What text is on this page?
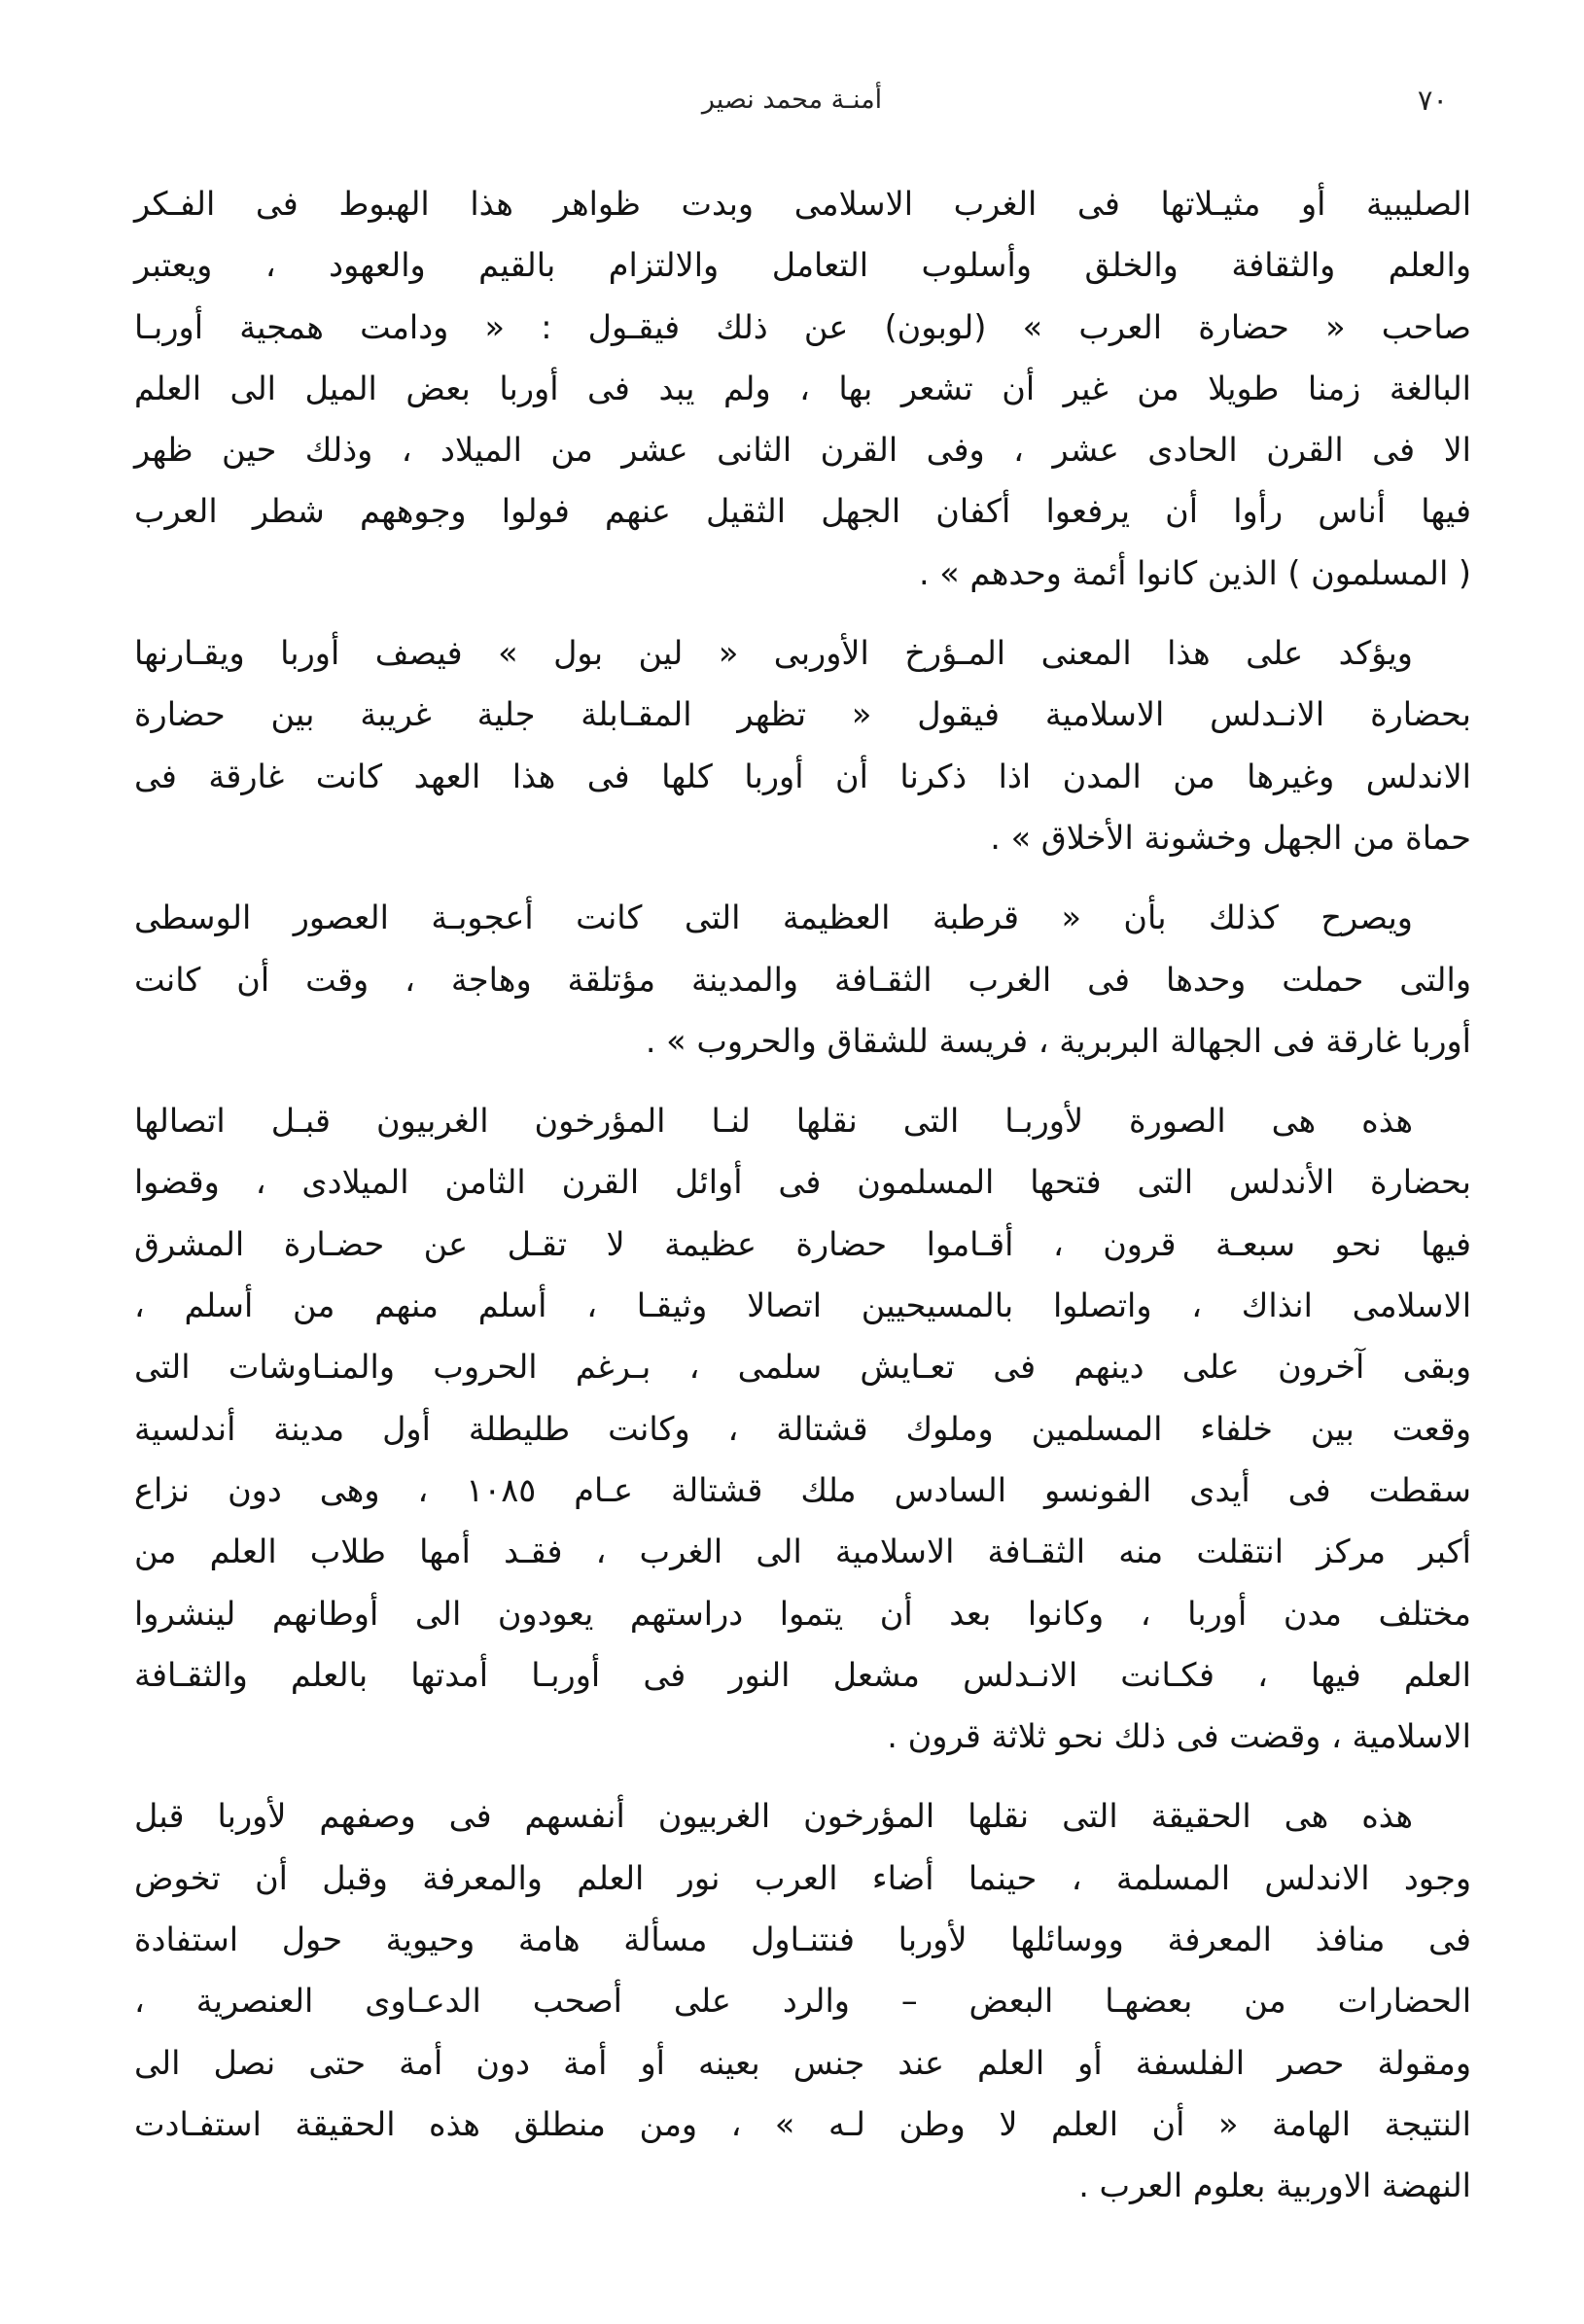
أمنـة محمد نصير	٧٠
الصليبية أو مثيـلاتها فى الغرب الاسلامى وبدت ظواهر هذا الهبوط فى الفـكر
والعلم والثقافة والخلق وأسلوب التعامل والالتزام بالقيم والعهود ، ويعتبر
صاحب « حضارة العرب » (لوبون) عن ذلك فيقـول : « ودامت همجية أوربـا
البالغة زمنا طويلا من غير أن تشعر بها ، ولم يبد فى أوربا بعض الميل الى العلم
الا فى القرن الحادى عشر ، وفى القرن الثانى عشر من الميلاد ، وذلك حين ظهر
فيها أناس رأوا أن يرفعوا أكفان الجهل الثقيل عنهم فولوا وجوههم شطر العرب
( المسلمون ) الذين كانوا أئمة وحدهم » .
ويؤكد على هذا المعنى المـؤرخ الأوربى « لين بول » فيصف أوربا ويقـارنها
بحضارة الانـدلس الاسلامية فيقول « تظهر المقـابلة جلية غريبة بين حضارة
الاندلس وغيرها من المدن اذا ذكرنا أن أوربا كلها فى هذا العهد كانت غارقة فى
حماة من الجهل وخشونة الأخلاق » .
ويصرح كذلك بأن « قرطبة العظيمة التى كانت أعجوبـة العصور الوسطى
والتى حملت وحدها فى الغرب الثقـافة والمدينة مؤتلقة وهاجة ، وقت أن كانت
أوربا غارقة فى الجهالة البربرية ، فريسة للشقاق والحروب » .
هذه هى الصورة لأوربـا التى نقلها لنـا المؤرخون الغربيون قبـل اتصالها
بحضارة الأندلس التى فتحها المسلمون فى أوائل القرن الثامن الميلادى ، وقضوا
فيها نحو سبعـة قرون ، أقـاموا حضارة عظيمة لا تقـل عن حضـارة المشرق
الاسلامى انذاك ، واتصلوا بالمسيحيين اتصالا وثيقـا ، أسلم منهم من أسلم ،
وبقى آخرون على دينهم فى تعـايش سلمى ، بـرغم الحروب والمنـاوشات التى
وقعت بين خلفاء المسلمين وملوك قشتالة ، وكانت طليطلة أول مدينة أندلسية
سقطت فى أيدى الفونسو السادس ملك قشتالة عـام ١٠٨٥ ، وهى دون نزاع
أكبر مركز انتقلت منه الثقـافة الاسلامية الى الغرب ، فقـد أمها طلاب العلم من
مختلف مدن أوربا ، وكانوا بعد أن يتموا دراستهم يعودون الى أوطانهم لينشروا
العلم فيها ، فكـانت الانـدلس مشعل النور فى أوربـا أمدتها بالعلم والثقـافة
الاسلامية ، وقضت فى ذلك نحو ثلاثة قرون .
هذه هى الحقيقة التى نقلها المؤرخون الغربيون أنفسهم فى وصفهم لأوربا قبل
وجود الاندلس المسلمة ، حينما أضاء العرب نور العلم والمعرفة وقبل أن تخوض
فى منافذ المعرفة ووسائلها لأوربا فنتنـاول مسألة هامة وحيوية حول استفادة
الحضارات من بعضهـا البعض – والرد على أصحب الدعـاوى العنصرية ،
ومقولة حصر الفلسفة أو العلم عند جنس بعينه أو أمة دون أمة حتى نصل الى
النتيجة الهامة « أن العلم لا وطن لـه » ، ومن منطلق هذه الحقيقة استفـادت
النهضة الاوربية بعلوم العرب .
